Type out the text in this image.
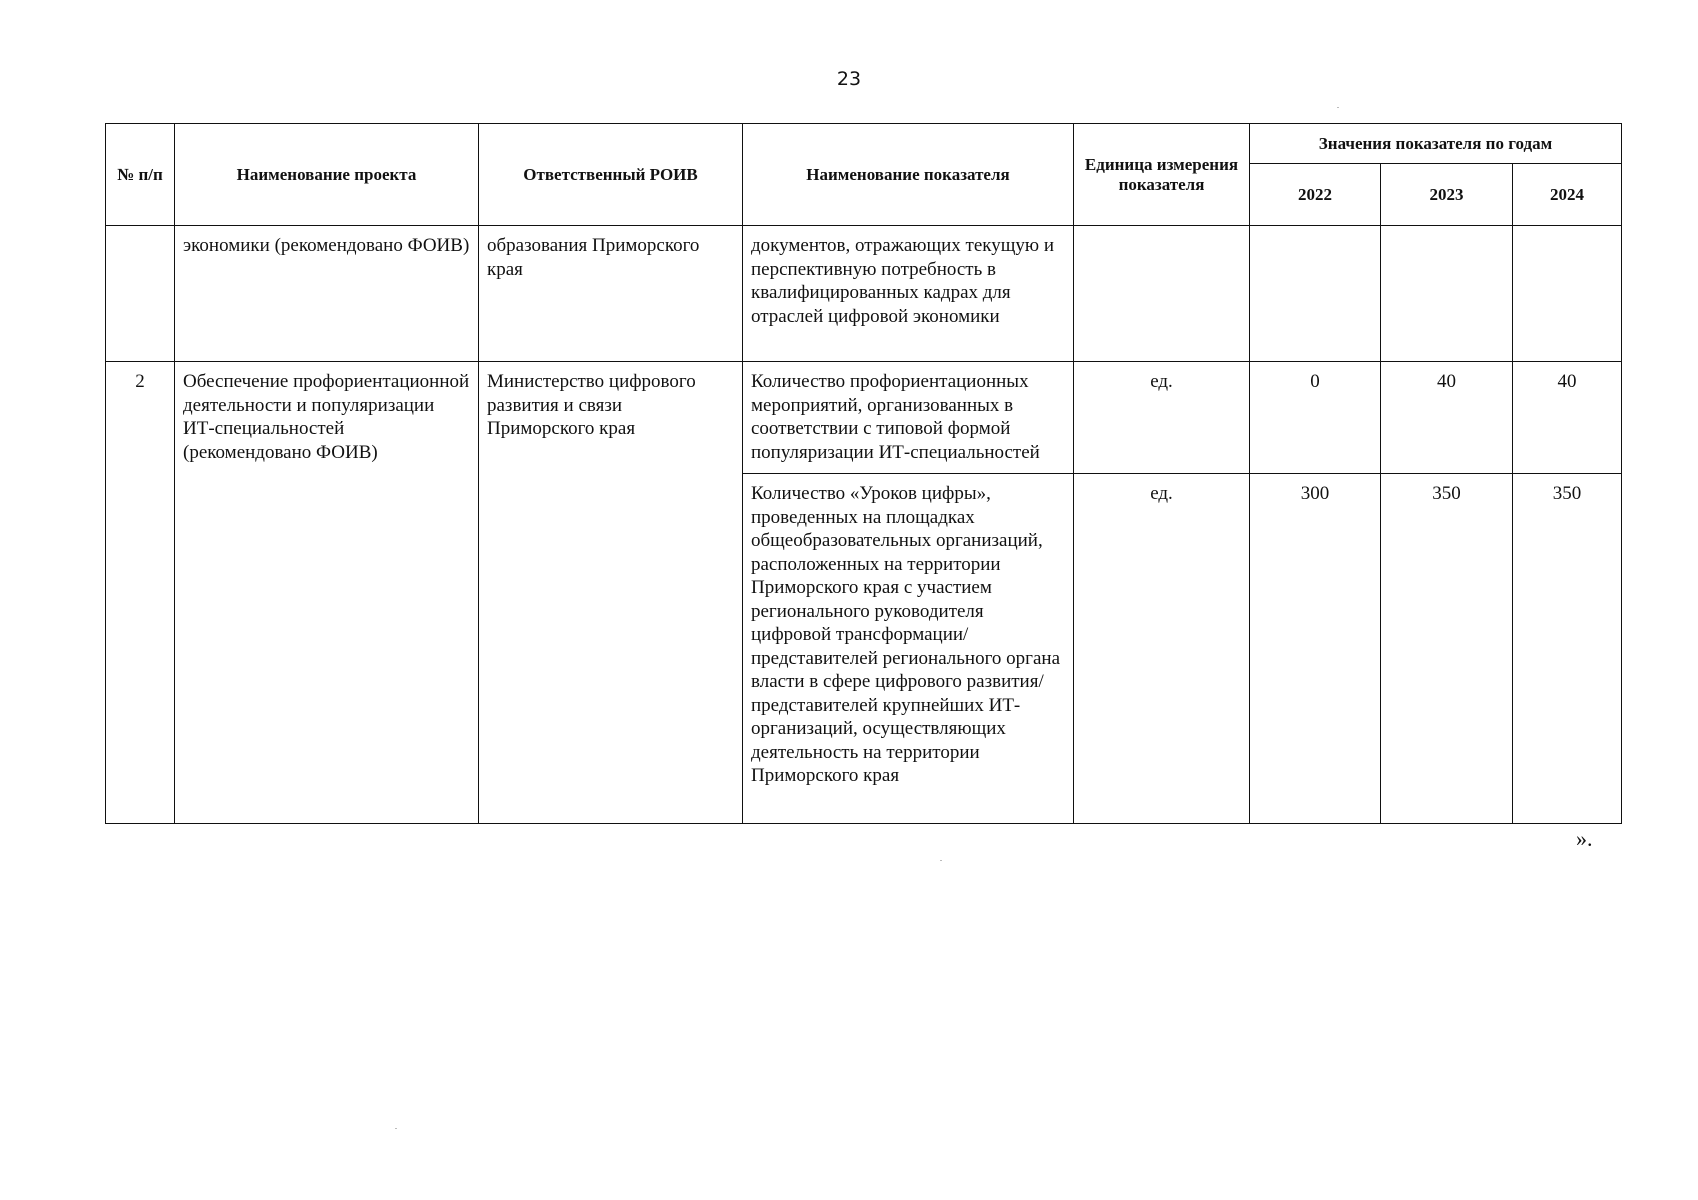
23
№ п/п	Наименование проекта	Ответственный РОИВ	Наименование показателя	Единица измерения показателя	Значения показателя по годам		
					2022	2023	2024
	экономики (рекомендовано ФОИВ)	образования Приморского края	документов, отражающих текущую и перспективную потребность в квалифицированных кадрах для отраслей цифровой экономики				
2	Обеспечение профориентационной деятельности и популяризации ИТ-специальностей (рекомендовано ФОИВ)	Министерство цифрового развития и связи Приморского края	Количество профориентационных мероприятий, организованных в соответствии с типовой формой популяризации ИТ-специальностей	ед.	0	40	40
			Количество «Уроков цифры», проведенных на площадках общеобразовательных организаций, расположенных на территории Приморского края с участием регионального руководителя цифровой трансформации/ представителей регионального органа власти в сфере цифрового развития/ представителей крупнейших ИТ-организаций, осуществляющих деятельность на территории Приморского края	ед.	300	350	350
».
